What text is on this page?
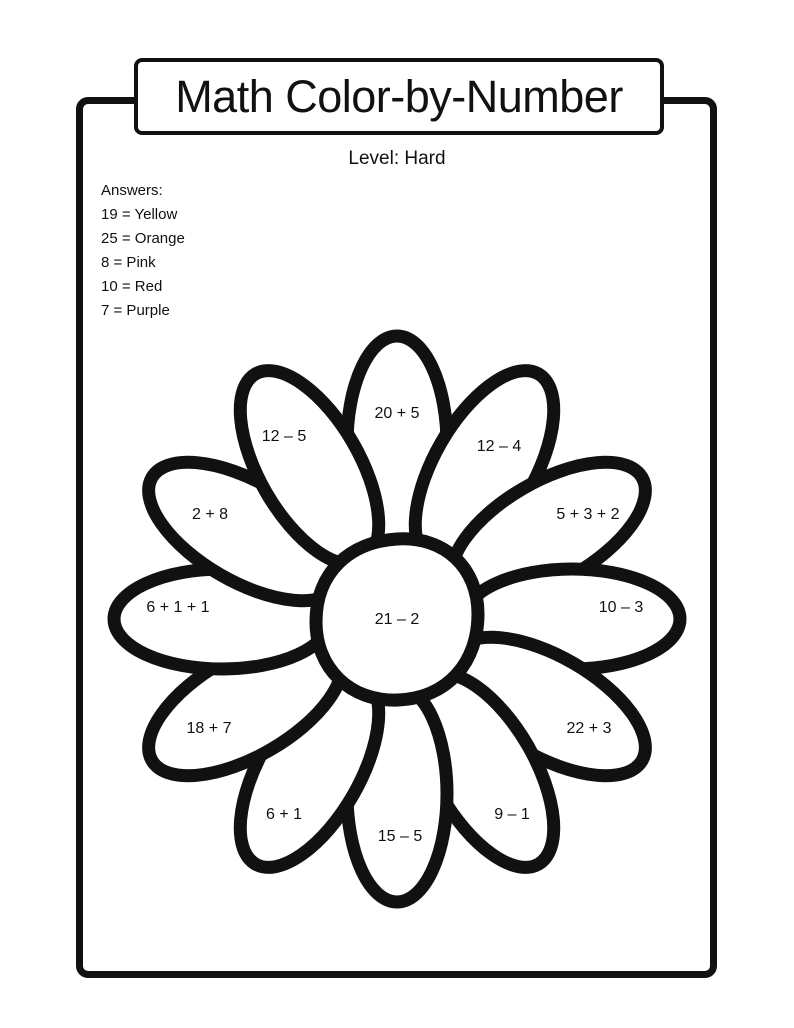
Math Color-by-Number
Level: Hard
Answers:
19 = Yellow
25 = Orange
8 = Pink
10 = Red
7 = Purple
20 + 5
12 – 4
5 + 3 + 2
10 – 3
22 + 3
9 – 1
15 – 5
6 + 1
18 + 7
6 + 1 + 1
2 + 8
12 – 5
21 – 2
